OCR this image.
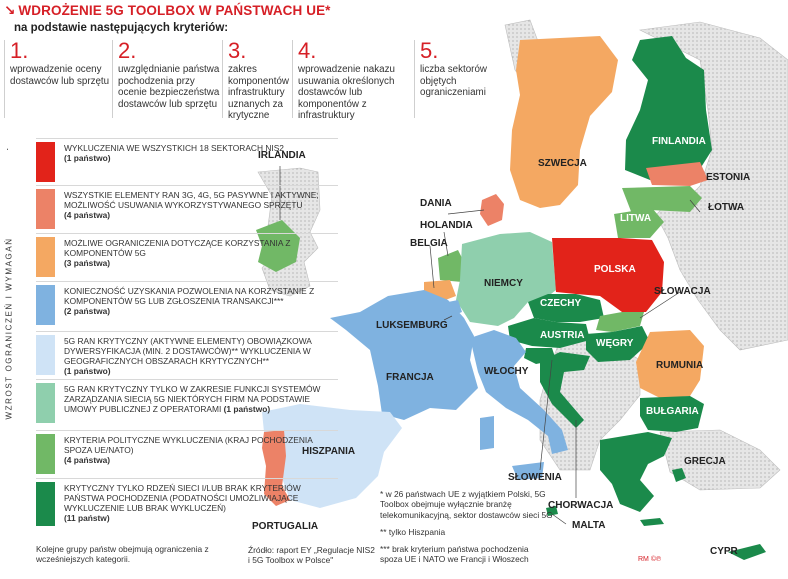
↘ WDROŻENIE 5G TOOLBOX W PAŃSTWACH UE*
na podstawie następujących kryteriów:
1.
wprowadzenie oceny dostawców lub sprzętu
2.
uwzględnianie państwa pochodzenia przy ocenie bezpieczeństwa dostawców lub sprzętu
3.
zakres komponentów infrastruktury uznanych za krytyczne
4.
wprowadzenie nakazu usuwania określonych dostawców lub komponentów z infrastruktury
5.
liczba sektorów objętych ograniczeniami
WZROST OGRANICZEŃ I WYMAGAŃ
WYKLUCZENIA WE WSZYSTKICH 18 SEKTORACH NIS2
(1 państwo)
WSZYSTKIE ELEMENTY RAN 3G, 4G, 5G PASYWNE I AKTYWNE; MOŻLIWOŚĆ USUWANIA WYKORZYSTYWANEGO SPRZĘTU
(4 państwa)
MOŻLIWE OGRANICZENIA DOTYCZĄCE KORZYSTANIA Z KOMPONENTÓW 5G
(3 państwa)
KONIECZNOŚĆ UZYSKANIA POZWOLENIA NA KORZYSTANIE Z KOMPONENTÓW 5G LUB ZGŁOSZENIA TRANSAKCJI***
(2 państwa)
5G RAN KRYTYCZNY (AKTYWNE ELEMENTY) OBOWIĄZKOWA DYWERSYFIKACJA (MIN. 2 DOSTAWCÓW)** WYKLUCZENIA W GEOGRAFICZNYCH OBSZARACH KRYTYCZNYCH**
(1 państwo)
5G RAN KRYTYCZNY TYLKO W ZAKRESIE FUNKCJI SYSTEMÓW ZARZĄDZANIA SIECIĄ 5G NIEKTÓRYCH FIRM NA PODSTAWIE UMOWY PUBLICZNEJ Z OPERATORAMI (1 państwo)
KRYTERIA POLITYCZNE WYKLUCZENIA (KRAJ POCHODZENIA SPOZA UE/NATO)
(4 państwa)
KRYTYCZNY TYLKO RDZEŃ SIECI I/LUB BRAK KRYTERIÓW PAŃSTWA POCHODZENIA (PODATNOŚCI UMOŻLIWIAJĄCE WYKLUCZENIE LUB BRAK WYKLUCZEŃ)
(11 państw)
Kolejne grupy państw obejmują ograniczenia z wcześniejszych kategorii.
IRLANDIA
DANIA
HOLANDIA
BELGIA
NIEMCY
LUKSEMBURG
FRANCJA
HISZPANIA
PORTUGALIA
WŁOCHY
SŁOWENIA
CHORWACJA
MALTA
CYPR
GRECJA
BUŁGARIA
RUMUNIA
WĘGRY
AUSTRIA
CZECHY
SŁOWACJA
POLSKA
LITWA
ŁOTWA
ESTONIA
FINLANDIA
SZWECJA
Źródło: raport EY „Regulacje NIS2 i 5G Toolbox w Polsce"
* w 26 państwach UE z wyjątkiem Polski, 5G Toolbox obejmuje wyłącznie branżę telekomunikacyjną, sektor dostawców sieci 5G
** tylko Hiszpania
*** brak kryterium państwa pochodzenia spoza UE i NATO we Francji i Włoszech	RM ©℗
